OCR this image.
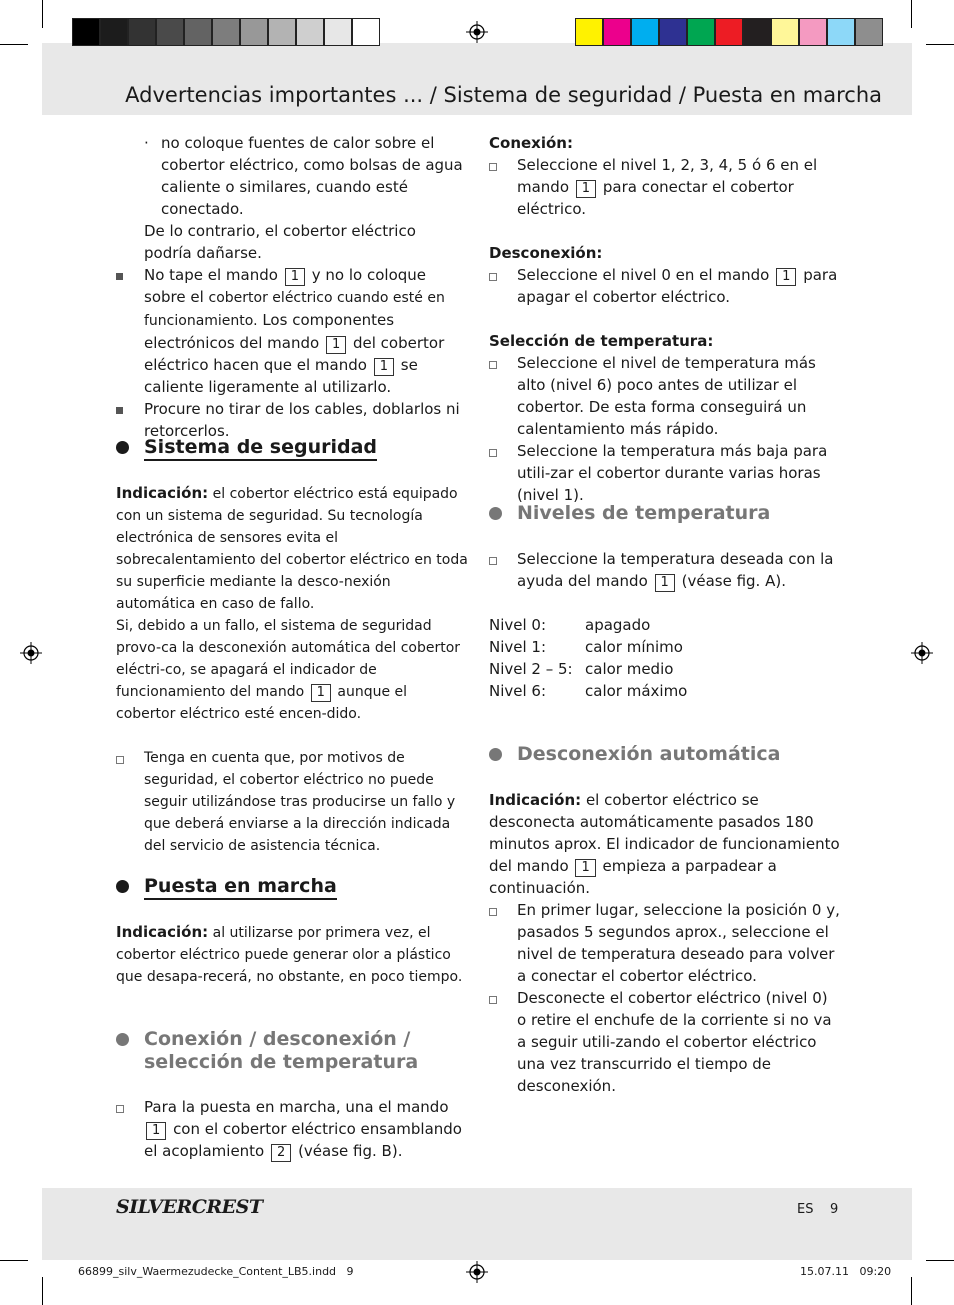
Advertencias importantes ... / Sistema de seguridad / Puesta en marcha
· no coloque fuentes de calor sobre el cobertor eléctrico, como bolsas de agua caliente o similares, cuando esté conectado.
De lo contrario, el cobertor eléctrico podría dañarse.
No tape el mando 1 y no lo coloque sobre el cobertor eléctrico cuando esté en funcionamiento. Los componentes electrónicos del mando 1 del cobertor eléctrico hacen que el mando 1 se caliente ligeramente al utilizarlo.
Procure no tirar de los cables, doblarlos ni retorcerlos.
Sistema de seguridad

Indicación: el cobertor eléctrico está equipado con un sistema de seguridad. Su tecnología electrónica de sensores evita el sobrecalentamiento del cobertor eléctrico en toda su superficie mediante la desco-nexión automática en caso de fallo.

Si, debido a un fallo, el sistema de seguridad provo-ca la desconexión automática del cobertor eléctri-co, se apagará el indicador de funcionamiento del mando 1 aunque el cobertor eléctrico esté encen-dido.

Tenga en cuenta que, por motivos de seguridad, el cobertor eléctrico no puede seguir utilizándose tras producirse un fallo y que deberá enviarse a la dirección indicada del servicio de asistencia técnica.
Puesta en marcha

Indicación: al utilizarse por primera vez, el cobertor eléctrico puede generar olor a plástico que desapa-recerá, no obstante, en poco tiempo.

Conexión / desconexión /
selección de temperatura
Para la puesta en marcha, una el mando 1 con el cobertor eléctrico ensamblando el acoplamiento 2 (véase fig. B).
Conexión:
Seleccione el nivel 1, 2, 3, 4, 5 ó 6 en el mando 1 para conectar el cobertor eléctrico.
Desconexión:
Seleccione el nivel 0 en el mando 1 para apagar el cobertor eléctrico.
Selección de temperatura:
Seleccione el nivel de temperatura más alto (nivel 6) poco antes de utilizar el cobertor. De esta forma conseguirá un calentamiento más rápido.
Seleccione la temperatura más baja para utili-zar el cobertor durante varias horas (nivel 1).
Niveles de temperatura
Seleccione la temperatura deseada con la ayuda del mando 1 (véase fig. A).
Nivel 0:	apagado
Nivel 1:	calor mínimo
Nivel 2 – 5: calor medio
Nivel 6:	calor máximo
Desconexión automática

Indicación: el cobertor eléctrico se desconecta automáticamente pasados 180 minutos aprox. El indicador de funcionamiento del mando 1 empieza a parpadear a continuación.

En primer lugar, seleccione la posición 0 y, pasados 5 segundos aprox., seleccione el nivel de temperatura deseado para volver a conectar el cobertor eléctrico.
Desconecte el cobertor eléctrico (nivel 0) o retire el enchufe de la corriente si no va a seguir utili-zando el cobertor eléctrico una vez transcurrido el tiempo de desconexión.
SILVERCREST	ES 9
66899_silv_Waermezudecke_Content_LB5.indd   9	15.07.11   09:20
